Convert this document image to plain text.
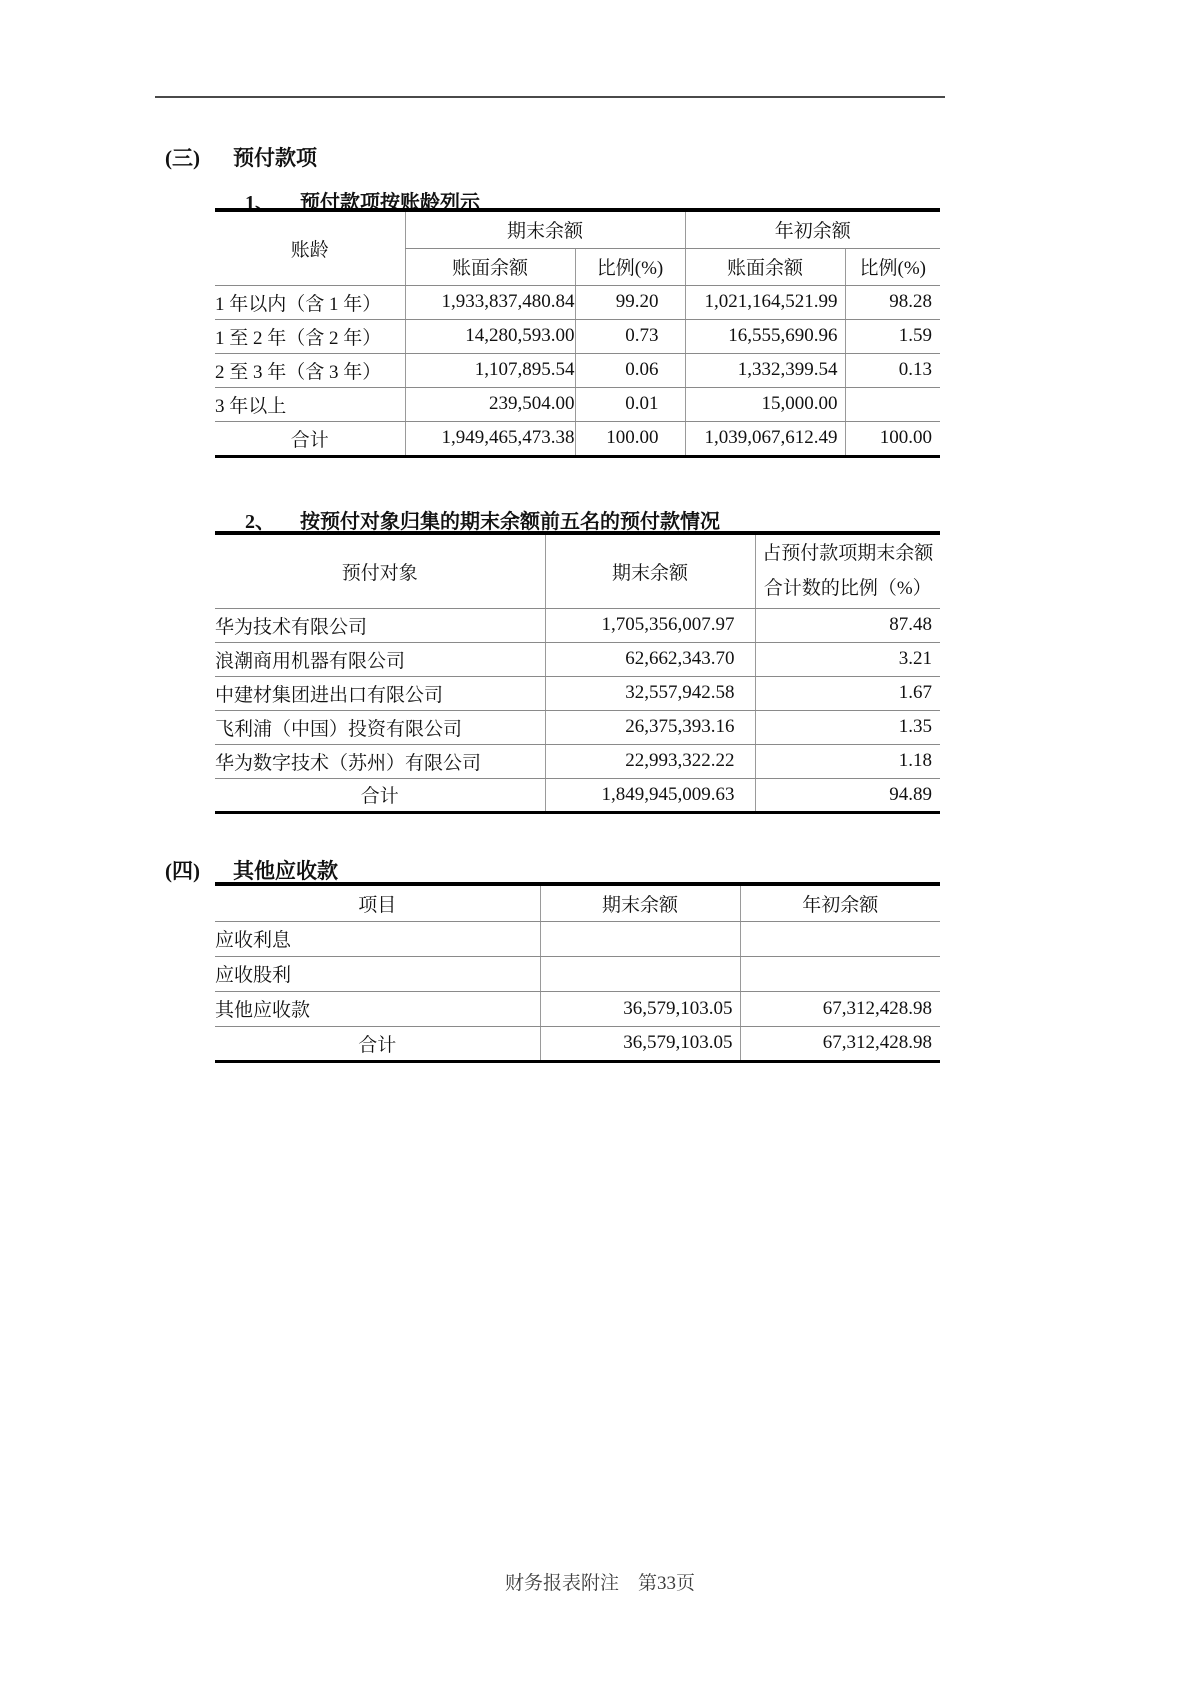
(三) 预付款项
1、 预付款项按账龄列示
账龄	期末余额		年初余额	
	账面余额	比例(%)	账面余额	比例(%)
1 年以内（含 1 年）	1,933,837,480.84	99.20	1,021,164,521.99	98.28
1 至 2 年（含 2 年）	14,280,593.00	0.73	16,555,690.96	1.59
2 至 3 年（含 3 年）	1,107,895.54	0.06	1,332,399.54	0.13
3 年以上	239,504.00	0.01	15,000.00	
合计	1,949,465,473.38	100.00	1,039,067,612.49	100.00
2、 按预付对象归集的期末余额前五名的预付款情况
预付对象	期末余额	占预付款项期末余额
合计数的比例（%）

华为技术有限公司	1,705,356,007.97	87.48
浪潮商用机器有限公司	62,662,343.70	3.21
中建材集团进出口有限公司	32,557,942.58	1.67
飞利浦（中国）投资有限公司	26,375,393.16	1.35
华为数字技术（苏州）有限公司	22,993,322.22	1.18
合计	1,849,945,009.63	94.89
(四) 其他应收款
项目	期末余额	年初余额
应收利息		
应收股利		
其他应收款	36,579,103.05	67,312,428.98
合计	36,579,103.05	67,312,428.98
财务报表附注　第33页
